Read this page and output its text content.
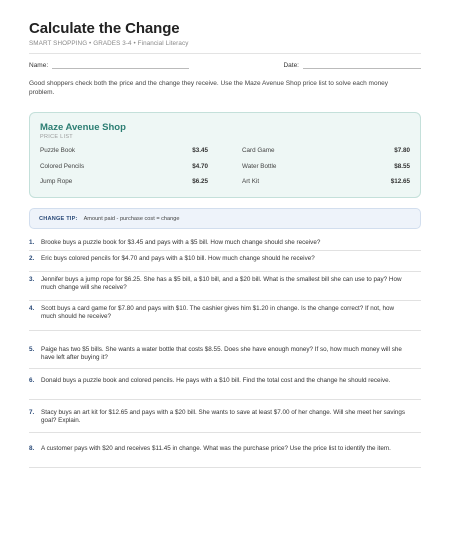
Calculate the Change
SMART SHOPPING • GRADES 3-4 • Financial Literacy
Name:	Date:
Good shoppers check both the price and the change they receive. Use the Maze Avenue Shop price list to solve each money problem.
Maze Avenue Shop
PRICE LIST
Puzzle Book	$3.45
Colored Pencils	$4.70
Jump Rope	$6.25
Card Game	$7.80
Water Bottle	$8.55
Art Kit	$12.65
CHANGE TIP: Amount paid - purchase cost = change
1.	Brooke buys a puzzle book for $3.45 and pays with a $5 bill. How much change should she receive?
2.	Eric buys colored pencils for $4.70 and pays with a $10 bill. How much change should he receive?
3.	Jennifer buys a jump rope for $6.25. She has a $5 bill, a $10 bill, and a $20 bill. What is the smallest bill she can use to pay? How much change will she receive?
4.	Scott buys a card game for $7.80 and pays with $10. The cashier gives him $1.20 in change. Is the change correct? If not, how much should he receive?
5.	Paige has two $5 bills. She wants a water bottle that costs $8.55. Does she have enough money? If so, how much money will she have left after buying it?
6.	Donald buys a puzzle book and colored pencils. He pays with a $10 bill. Find the total cost and the change he should receive.
7.	Stacy buys an art kit for $12.65 and pays with a $20 bill. She wants to save at least $7.00 of her change. Will she meet her savings goal? Explain.
8.	A customer pays with $20 and receives $11.45 in change. What was the purchase price? Use the price list to identify the item.
